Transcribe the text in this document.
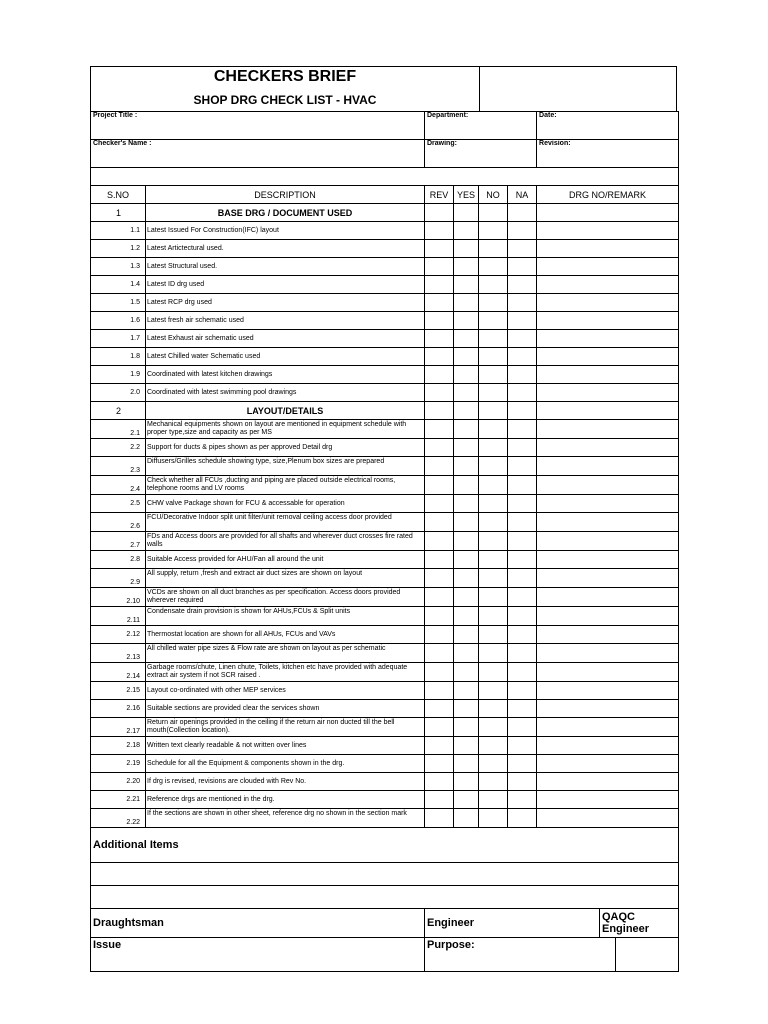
CHECKERS BRIEF
SHOP DRG CHECK LIST - HVAC
Project Title :		Department:				Date:
Checker's Name :		Drawing:				Revision:

S.NO	DESCRIPTION	REV	YES	NO	NA	DRG NO/REMARK
1	BASE DRG / DOCUMENT USED					
1.1	Latest Issued For Construction(IFC) layout					
1.2	Latest Artictectural used.					
1.3	Latest Structural used.					
1.4	Latest ID drg used					
1.5	Latest RCP drg used					
1.6	Latest fresh air schematic used					
1.7	Latest Exhaust air schematic used					
1.8	Latest Chilled water Schematic used					
1.9	Coordinated with latest kitchen drawings					
2.0	Coordinated with latest swimming pool drawings					
2	LAYOUT/DETAILS					
2.1	Mechanical equipments shown on layout are mentioned in equipment schedule with proper type,size and capacity as per MS					
2.2	Support for ducts & pipes shown as per approved Detail drg					
2.3	Diffusers/Grilles schedule showing type, size,Plenum box sizes are prepared					
2.4	Check whether all FCUs ,ducting and piping are placed outside electrical rooms, telephone rooms and LV rooms					
2.5	CHW valve Package shown for FCU & accessable for operation					
2.6	FCU/Decorative Indoor split unit filter/unit removal ceiling access door provided					
2.7	FDs and Access doors are provided for all shafts and wherever duct crosses fire rated walls					
2.8	Suitable Access provided for AHU/Fan all around the unit					
2.9	All supply, return ,fresh and extract air duct sizes are shown on layout					
2.10	VCDs are shown on all duct branches as per specification. Access doors provided wherever required					
2.11	Condensate drain provision is shown for AHUs,FCUs & Split units					
2.12	Thermostat location are shown for all AHUs, FCUs and VAVs					
2.13	All chilled water pipe sizes & Flow rate are shown on layout as per schematic					
2.14	Garbage rooms/chute, Linen chute, Toilets, kitchen etc have provided with adequate extract air system if not SCR raised .					
2.15	Layout co-ordinated with other MEP services					
2.16	Suitable sections are provided clear the services shown					
2.17	Return air openings provided in the ceiling if the return air non ducted till the bell mouth(Collection location).					
2.18	Written text clearly readable & not written over lines					
2.19	Schedule for all the Equipment & components shown in the drg.					
2.20	If drg is revised, revisions are clouded with Rev No.					
2.21	Reference drgs are mentioned in the drg.					
2.22	If the sections are shown in other sheet, reference drg no shown in the section mark					
Additional Items						

Draughtsman		Engineer QAQC Engineer				

Issue		Purpose:				
